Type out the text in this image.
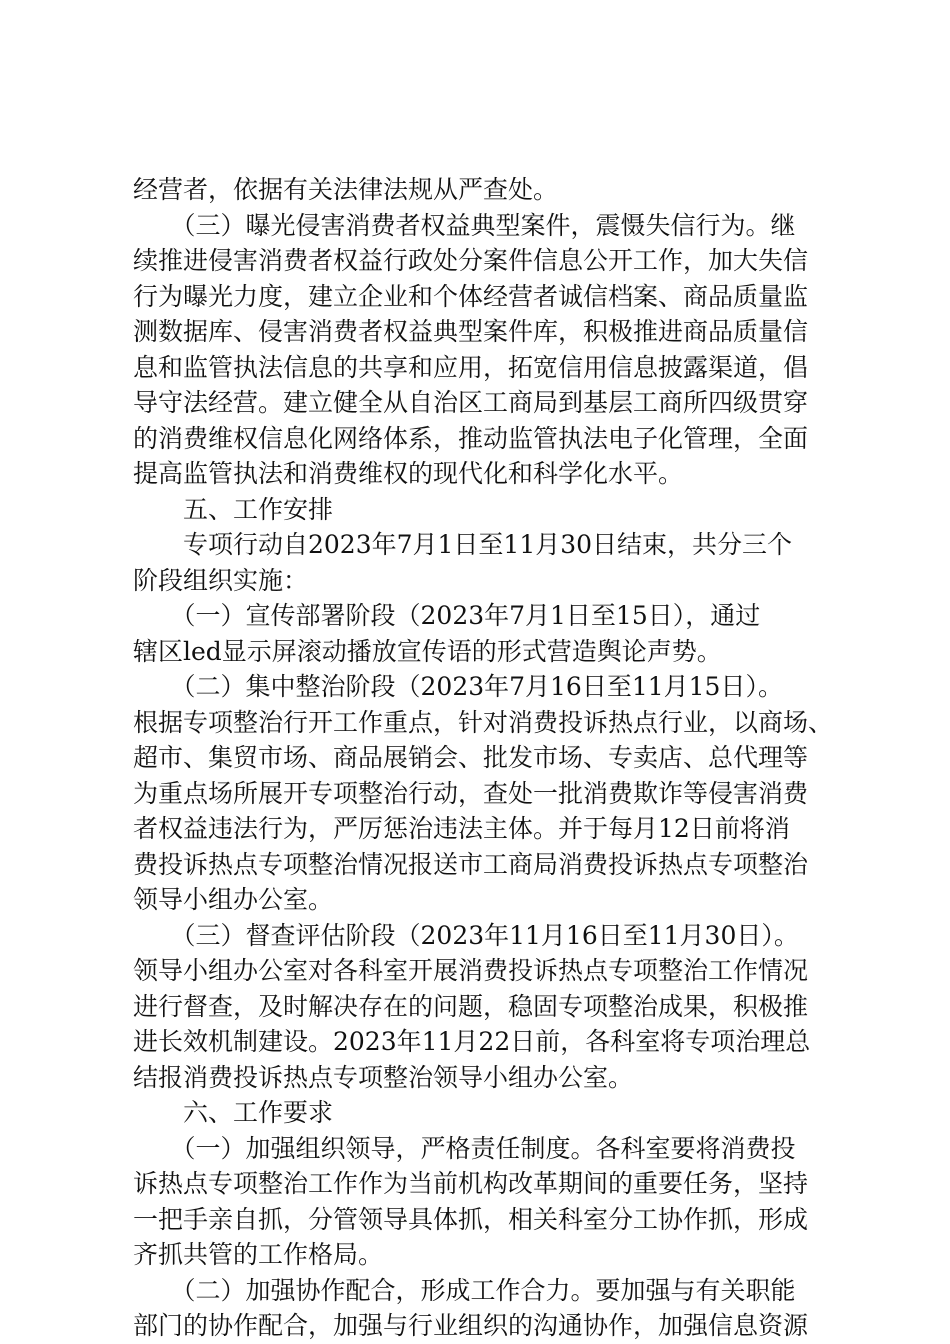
经营者，依据有关法律法规从严查处。
　　（三）曝光侵害消费者权益典型案件，震慑失信行为。继
续推进侵害消费者权益行政处分案件信息公开工作，加大失信
行为曝光力度，建立企业和个体经营者诚信档案、商品质量监
测数据库、侵害消费者权益典型案件库，积极推进商品质量信
息和监管执法信息的共享和应用，拓宽信用信息披露渠道，倡
导守法经营。建立健全从自治区工商局到基层工商所四级贯穿
的消费维权信息化网络体系，推动监管执法电子化管理，全面
提高监管执法和消费维权的现代化和科学化水平。
　　五、工作安排
　　专项行动自2023年7月1日至11月30日结束，共分三个
阶段组织实施：
　　（一）宣传部署阶段（2023年7月1日至15日），通过
辖区led显示屏滚动播放宣传语的形式营造舆论声势。
　　（二）集中整治阶段（2023年7月16日至11月15日）。
根据专项整治行开工作重点，针对消费投诉热点行业，以商场、
超市、集贸市场、商品展销会、批发市场、专卖店、总代理等
为重点场所展开专项整治行动，查处一批消费欺诈等侵害消费
者权益违法行为，严厉惩治违法主体。并于每月12日前将消
费投诉热点专项整治情况报送市工商局消费投诉热点专项整治
领导小组办公室。
　　（三）督查评估阶段（2023年11月16日至11月30日）。
领导小组办公室对各科室开展消费投诉热点专项整治工作情况
进行督查，及时解决存在的问题，稳固专项整治成果，积极推
进长效机制建设。2023年11月22日前，各科室将专项治理总
结报消费投诉热点专项整治领导小组办公室。
　　六、工作要求
　　（一）加强组织领导，严格责任制度。各科室要将消费投
诉热点专项整治工作作为当前机构改革期间的重要任务，坚持
一把手亲自抓，分管领导具体抓，相关科室分工协作抓，形成
齐抓共管的工作格局。
　　（二）加强协作配合，形成工作合力。要加强与有关职能
部门的协作配合，加强与行业组织的沟通协作，加强信息资源
